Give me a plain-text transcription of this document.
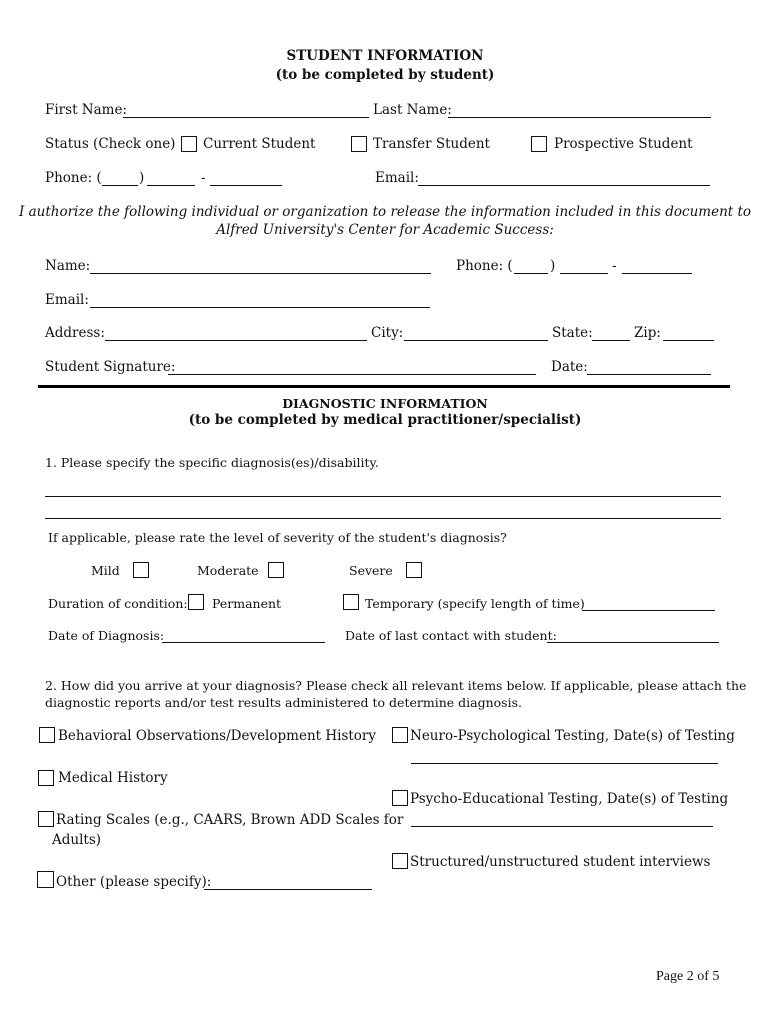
STUDENT INFORMATION
(to be completed by student)
First Name:	Last Name:
Status (Check one) Current Student	Transfer Student	Prospective Student
Phone: (	)	-	Email:
I authorize the following individual or organization to release the information included in this document to
Alfred University's Center for Academic Success:
Name:	Phone: (	)	-
Email:
Address:	City:	State:	Zip:
Student Signature:	Date:
DIAGNOSTIC INFORMATION
(to be completed by medical practitioner/specialist)
1. Please specify the specific diagnosis(es)/disability.
If applicable, please rate the level of severity of the student's diagnosis?
Mild	Moderate	Severe
Duration of condition: Permanent	Temporary (specify length of time)
Date of Diagnosis:	Date of last contact with student:
2. How did you arrive at your diagnosis? Please check all relevant items below. If applicable, please attach the
diagnostic reports and/or test results administered to determine diagnosis.
Behavioral Observations/Development History	Neuro-Psychological Testing, Date(s) of Testing
Medical History
Psycho-Educational Testing, Date(s) of Testing
Rating Scales (e.g., CAARS, Brown ADD Scales for
Adults)
Structured/unstructured student interviews
Other (please specify):
Page 2 of 5
